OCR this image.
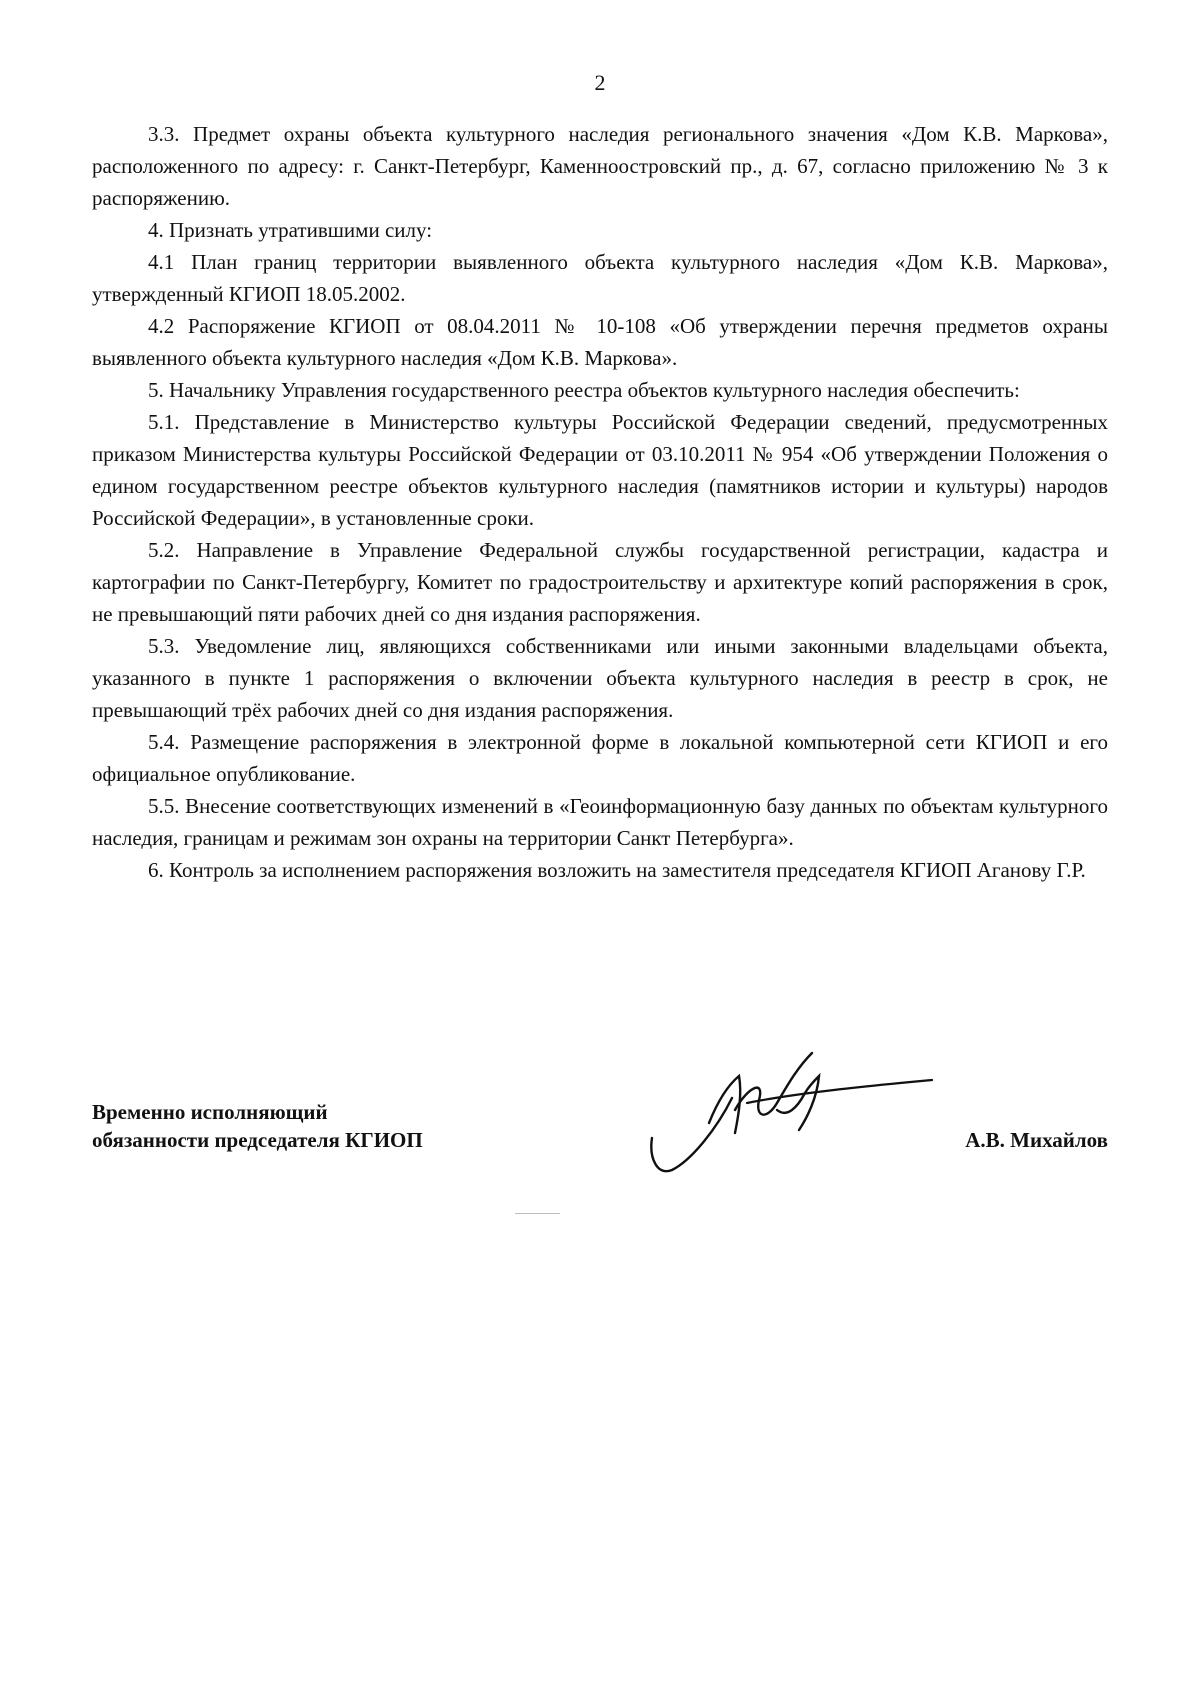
2

3.3. Предмет охраны объекта культурного наследия регионального значения «Дом К.В. Маркова», расположенного по адресу: г. Санкт-Петербург, Каменноостровский пр., д. 67, согласно приложению № 3 к распоряжению.

4. Признать утратившими силу:

4.1 План границ территории выявленного объекта культурного наследия «Дом К.В. Маркова», утвержденный КГИОП 18.05.2002.

4.2 Распоряжение КГИОП от 08.04.2011 № 10-108 «Об утверждении перечня предметов охраны выявленного объекта культурного наследия «Дом К.В. Маркова».

5. Начальнику Управления государственного реестра объектов культурного наследия обеспечить:

5.1. Представление в Министерство культуры Российской Федерации сведений, предусмотренных приказом Министерства культуры Российской Федерации от 03.10.2011 № 954 «Об утверждении Положения о едином государственном реестре объектов культурного наследия (памятников истории и культуры) народов Российской Федерации», в установленные сроки.

5.2. Направление в Управление Федеральной службы государственной регистрации, кадастра и картографии по Санкт-Петербургу, Комитет по градостроительству и архитектуре копий распоряжения в срок, не превышающий пяти рабочих дней со дня издания распоряжения.

5.3. Уведомление лиц, являющихся собственниками или иными законными владельцами объекта, указанного в пункте 1 распоряжения о включении объекта культурного наследия в реестр в срок, не превышающий трёх рабочих дней со дня издания распоряжения.

5.4. Размещение распоряжения в электронной форме в локальной компьютерной сети КГИОП и его официальное опубликование.

5.5. Внесение соответствующих изменений в «Геоинформационную базу данных по объектам культурного наследия, границам и режимам зон охраны на территории Санкт Петербурга».

6. Контроль за исполнением распоряжения возложить на заместителя председателя КГИОП Аганову Г.Р.

Временно исполняющий
обязанности председателя КГИОП	А.В. Михайлов
